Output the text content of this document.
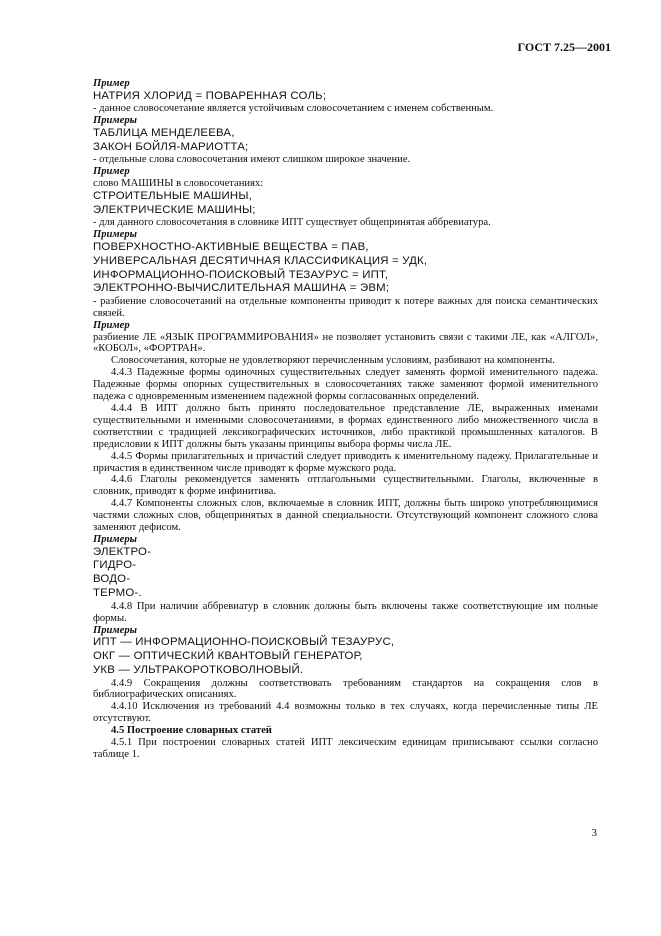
ГОСТ 7.25—2001

Пример

НАТРИЯ ХЛОРИД = ПОВАРЕННАЯ СОЛЬ;

- данное словосочетание является устойчивым словосочетанием с именем собственным.

Примеры

ТАБЛИЦА МЕНДЕЛЕЕВА,

ЗАКОН БОЙЛЯ-МАРИОТТА;

- отдельные слова словосочетания имеют слишком широкое значение.

Пример

слово МАШИНЫ в словосочетаниях:

СТРОИТЕЛЬНЫЕ МАШИНЫ,

ЭЛЕКТРИЧЕСКИЕ МАШИНЫ;

- для данного словосочетания в словнике ИПТ существует общепринятая аббревиатура.

Примеры

ПОВЕРХНОСТНО-АКТИВНЫЕ ВЕЩЕСТВА = ПАВ,

УНИВЕРСАЛЬНАЯ ДЕСЯТИЧНАЯ КЛАССИФИКАЦИЯ = УДК,

ИНФОРМАЦИОННО-ПОИСКОВЫЙ ТЕЗАУРУС = ИПТ,

ЭЛЕКТРОННО-ВЫЧИСЛИТЕЛЬНАЯ МАШИНА = ЭВМ;

- разбиение словосочетаний на отдельные компоненты приводит к потере важных для поиска семантических связей.

Пример

разбиение ЛЕ «ЯЗЫК ПРОГРАММИРОВАНИЯ» не позволяет установить связи с такими ЛЕ, как «АЛГОЛ», «КОБОЛ», «ФОРТРАН».

Словосочетания, которые не удовлетворяют перечисленным условиям, разбивают на компоненты.

4.4.3 Падежные формы одиночных существительных следует заменять формой именительного падежа. Падежные формы опорных существительных в словосочетаниях также заменяют формой именительного падежа с одновременным изменением падежной формы согласованных определений.

4.4.4 В ИПТ должно быть принято последовательное представление ЛЕ, выраженных именами существительными и именными словосочетаниями, в формах единственного либо множественного числа в соответствии с традицией лексикографических источников, либо практикой промышленных каталогов. В предисловии к ИПТ должны быть указаны принципы выбора формы числа ЛЕ.

4.4.5 Формы прилагательных и причастий следует приводить к именительному падежу. Прилагательные и причастия в единственном числе приводят к форме мужского рода.

4.4.6 Глаголы рекомендуется заменять отглагольными существительными. Глаголы, включенные в словник, приводят к форме инфинитива.

4.4.7 Компоненты сложных слов, включаемые в словник ИПТ, должны быть широко употребляющимися частями сложных слов, общепринятых в данной специальности. Отсутствующий компонент сложного слова заменяют дефисом.

Примеры

ЭЛЕКТРО-

ГИДРО-

ВОДО-

ТЕРМО-.

4.4.8 При наличии аббревиатур в словник должны быть включены также соответствующие им полные формы.

Примеры

ИПТ — ИНФОРМАЦИОННО-ПОИСКОВЫЙ ТЕЗАУРУС,

ОКГ — ОПТИЧЕСКИЙ КВАНТОВЫЙ ГЕНЕРАТОР,

УКВ — УЛЬТРАКОРОТКОВОЛНОВЫЙ.

4.4.9 Сокращения должны соответствовать требованиям стандартов на сокращения слов в библиографических описаниях.

4.4.10 Исключения из требований 4.4 возможны только в тех случаях, когда перечисленные типы ЛЕ отсутствуют.

4.5 Построение словарных статей

4.5.1 При построении словарных статей ИПТ лексическим единицам приписывают ссылки согласно таблице 1.

3
